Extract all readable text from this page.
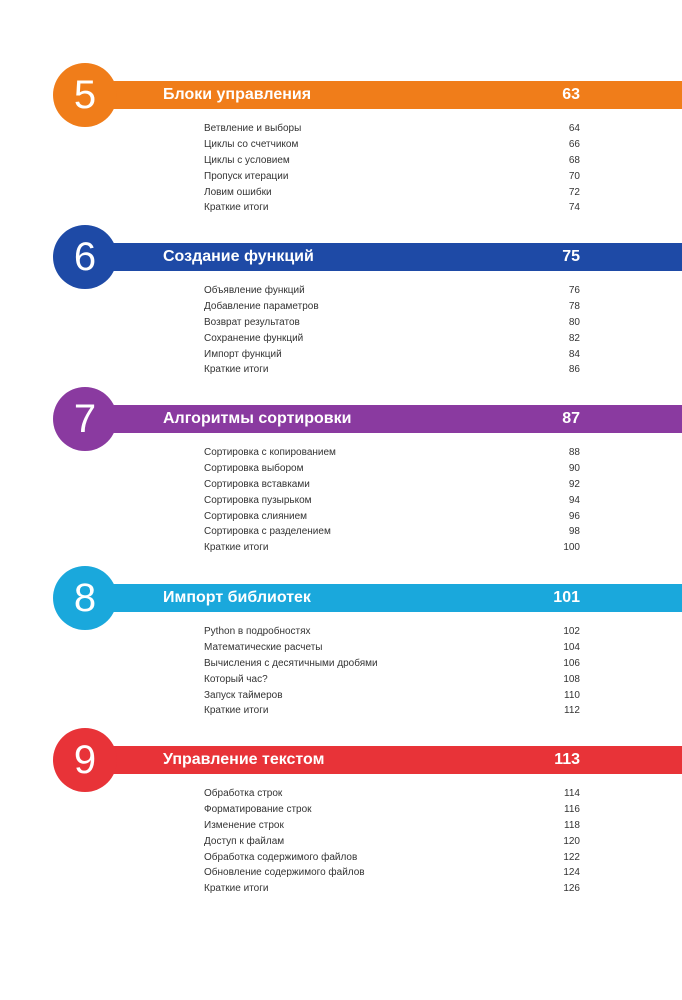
5	Блоки управления	63
Ветвление и выборы	64
Циклы со счетчиком	66
Циклы с условием	68
Пропуск итерации	70
Ловим ошибки	72
Краткие итоги	74
6	Создание функций	75
Объявление функций	76
Добавление параметров	78
Возврат результатов	80
Сохранение функций	82
Импорт функций	84
Краткие итоги	86
7	Алгоритмы сортировки	87
Сортировка с копированием	88
Сортировка выбором	90
Сортировка вставками	92
Сортировка пузырьком	94
Сортировка слиянием	96
Сортировка с разделением	98
Краткие итоги	100
8	Импорт библиотек	101
Python в подробностях	102
Математические расчеты	104
Вычисления с десятичными дробями	106
Который час?	108
Запуск таймеров	110
Краткие итоги	112
9	Управление текстом	113
Обработка строк	114
Форматирование строк	116
Изменение строк	118
Доступ к файлам	120
Обработка содержимого файлов	122
Обновление содержимого файлов	124
Краткие итоги	126
